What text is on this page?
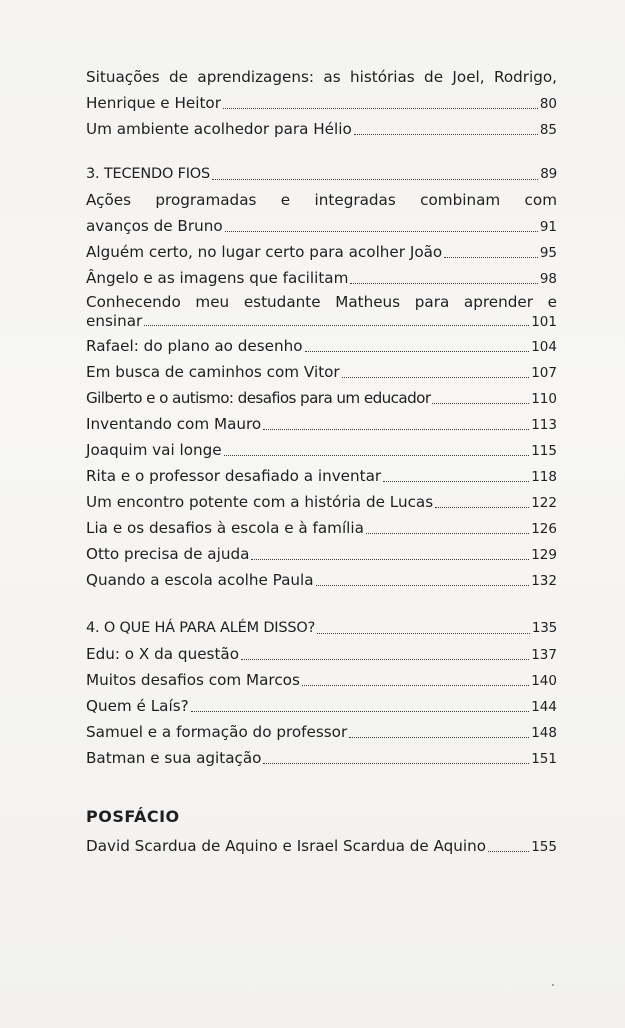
Situações de aprendizagens: as histórias de Joel, Rodrigo,
Henrique e Heitor	80
Um ambiente acolhedor para Hélio	85
3. TECENDO FIOS	89
Ações programadas e integradas combinam com
avanços de Bruno	91
Alguém certo, no lugar certo para acolher João	95
Ângelo e as imagens que facilitam	98
Conhecendo meu estudante Matheus para aprender e
ensinar	101
Rafael: do plano ao desenho	104
Em busca de caminhos com Vitor	107
Gilberto e o autismo: desafios para um educador	110
Inventando com Mauro	113
Joaquim vai longe	115
Rita e o professor desafiado a inventar	118
Um encontro potente com a história de Lucas	122
Lia e os desafios à escola e à família	126
Otto precisa de ajuda	129
Quando a escola acolhe Paula	132
4. O QUE HÁ PARA ALÉM DISSO?	135
Edu: o X da questão	137
Muitos desafios com Marcos	140
Quem é Laís?	144
Samuel e a formação do professor	148
Batman e sua agitação	151
POSFÁCIO
David Scardua de Aquino e Israel Scardua de Aquino	155
